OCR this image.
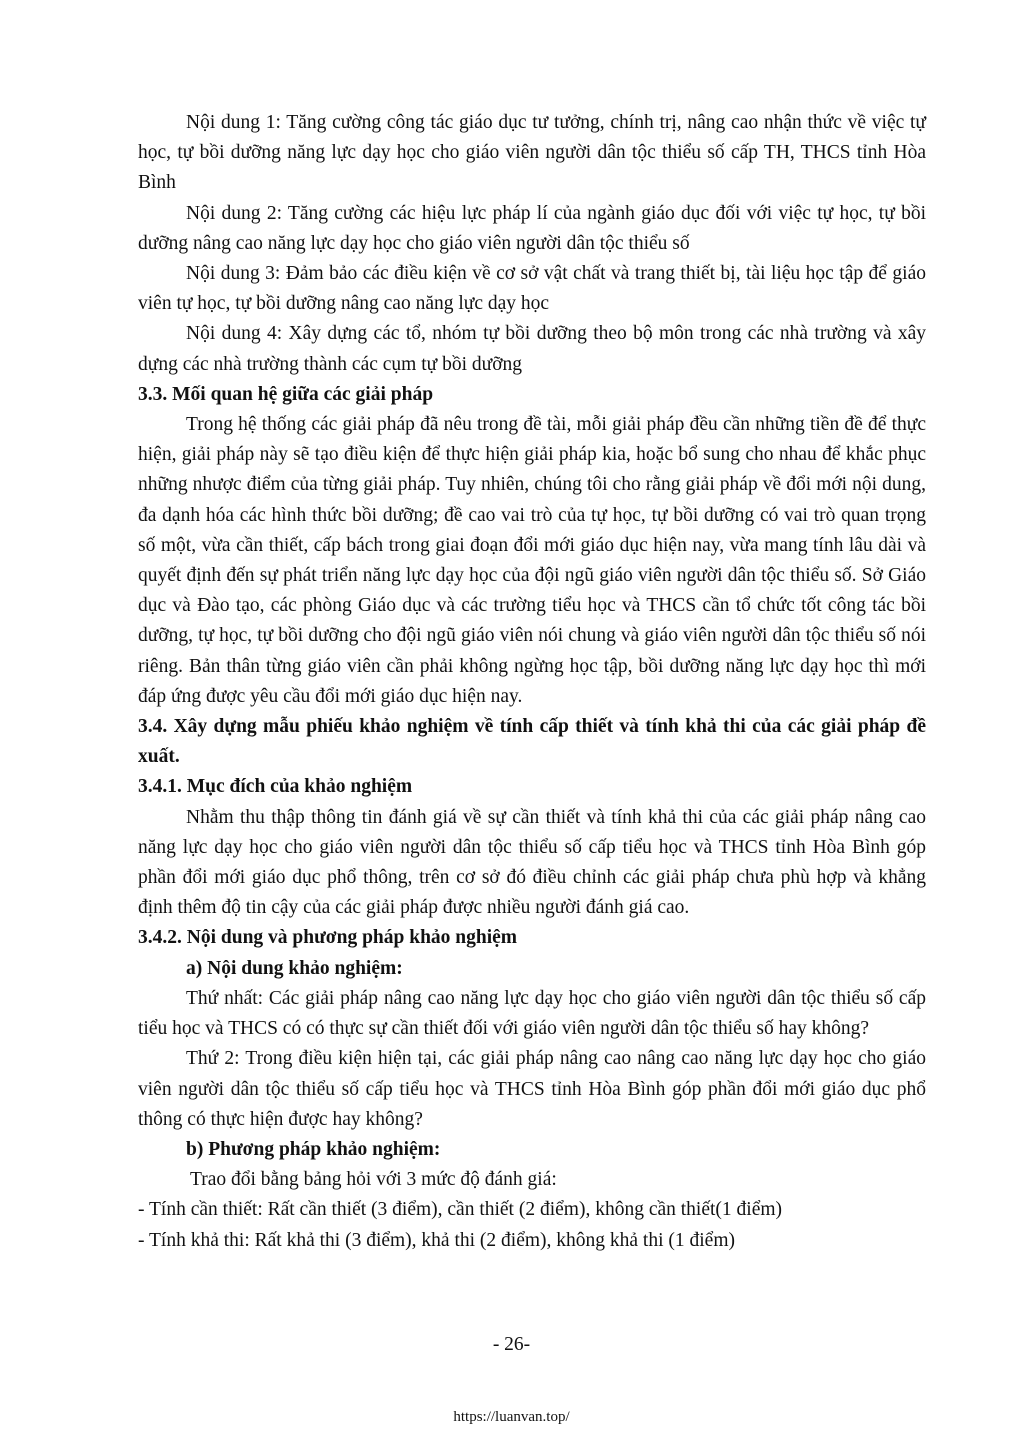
Nội dung 1: Tăng cường công tác giáo dục tư tưởng, chính trị, nâng cao nhận thức về việc tự học, tự bồi dưỡng năng lực dạy học cho giáo viên người dân tộc thiểu số cấp TH, THCS tỉnh Hòa Bình

Nội dung 2: Tăng cường các hiệu lực pháp lí của ngành giáo dục đối với việc tự học, tự bồi dưỡng nâng cao năng lực dạy học cho giáo viên người dân tộc thiểu số

Nội dung 3: Đảm bảo các điều kiện về cơ sở vật chất và trang thiết bị, tài liệu học tập để giáo viên tự học, tự bồi dưỡng nâng cao năng lực dạy học

Nội dung 4: Xây dựng các tổ, nhóm tự bồi dưỡng theo bộ môn trong các nhà trường và xây dựng các nhà trường thành các cụm tự bồi dưỡng

3.3. Mối quan hệ giữa các giải pháp

Trong hệ thống các giải pháp đã nêu trong đề tài, mỗi giải pháp đều cần những tiền đề để thực hiện, giải pháp này sẽ tạo điều kiện để thực hiện giải pháp kia, hoặc bổ sung cho nhau để khắc phục những nhược điểm của từng giải pháp. Tuy nhiên, chúng tôi cho rằng giải pháp về đổi mới nội dung, đa dạnh hóa các hình thức bồi dưỡng; đề cao vai trò của tự học, tự bồi dưỡng có vai trò quan trọng số một, vừa cần thiết, cấp bách trong giai đoạn đổi mới giáo dục hiện nay, vừa mang tính lâu dài và quyết định đến sự phát triển năng lực dạy học của đội ngũ giáo viên người dân tộc thiểu số. Sở Giáo dục và Đào tạo, các phòng Giáo dục và các trường tiểu học và THCS cần tổ chức tốt công tác bồi dưỡng, tự học, tự bồi dưỡng cho đội ngũ giáo viên nói chung và giáo viên người dân tộc thiểu số nói riêng. Bản thân từng giáo viên cần phải không ngừng học tập, bồi dưỡng năng lực dạy học thì mới đáp ứng được yêu cầu đổi mới giáo dục hiện nay.

3.4. Xây dựng mẫu phiếu khảo nghiệm về tính cấp thiết và tính khả thi của các giải pháp đề xuất.

3.4.1. Mục đích của khảo nghiệm

Nhằm thu thập thông tin đánh giá về sự cần thiết và tính khả thi của các giải pháp nâng cao năng lực dạy học cho giáo viên người dân tộc thiểu số cấp tiểu học và THCS tỉnh Hòa Bình góp phần đổi mới giáo dục phổ thông, trên cơ sở đó điều chỉnh các giải pháp chưa phù hợp và khẳng định thêm độ tin cậy của các giải pháp được nhiều người đánh giá cao.

3.4.2. Nội dung và phương pháp khảo nghiệm

a) Nội dung khảo nghiệm:

Thứ nhất: Các giải pháp nâng cao năng lực dạy học cho giáo viên người dân tộc thiểu số cấp tiểu học và THCS có có thực sự cần thiết đối với giáo viên người dân tộc thiểu số hay không?

Thứ 2: Trong điều kiện hiện tại, các giải pháp nâng cao nâng cao năng lực dạy học cho giáo viên người dân tộc thiểu số cấp tiểu học và THCS tỉnh Hòa Bình góp phần đổi mới giáo dục phổ thông có thực hiện được hay không?

b) Phương pháp khảo nghiệm:

Trao đổi bằng bảng hỏi với 3 mức độ đánh giá:

- Tính cần thiết: Rất cần thiết (3 điểm), cần thiết (2 điểm), không cần thiết(1 điểm)

- Tính khả thi: Rất khả thi (3 điểm), khả thi (2 điểm), không khả thi (1 điểm)

- 26-
https://luanvan.top/
